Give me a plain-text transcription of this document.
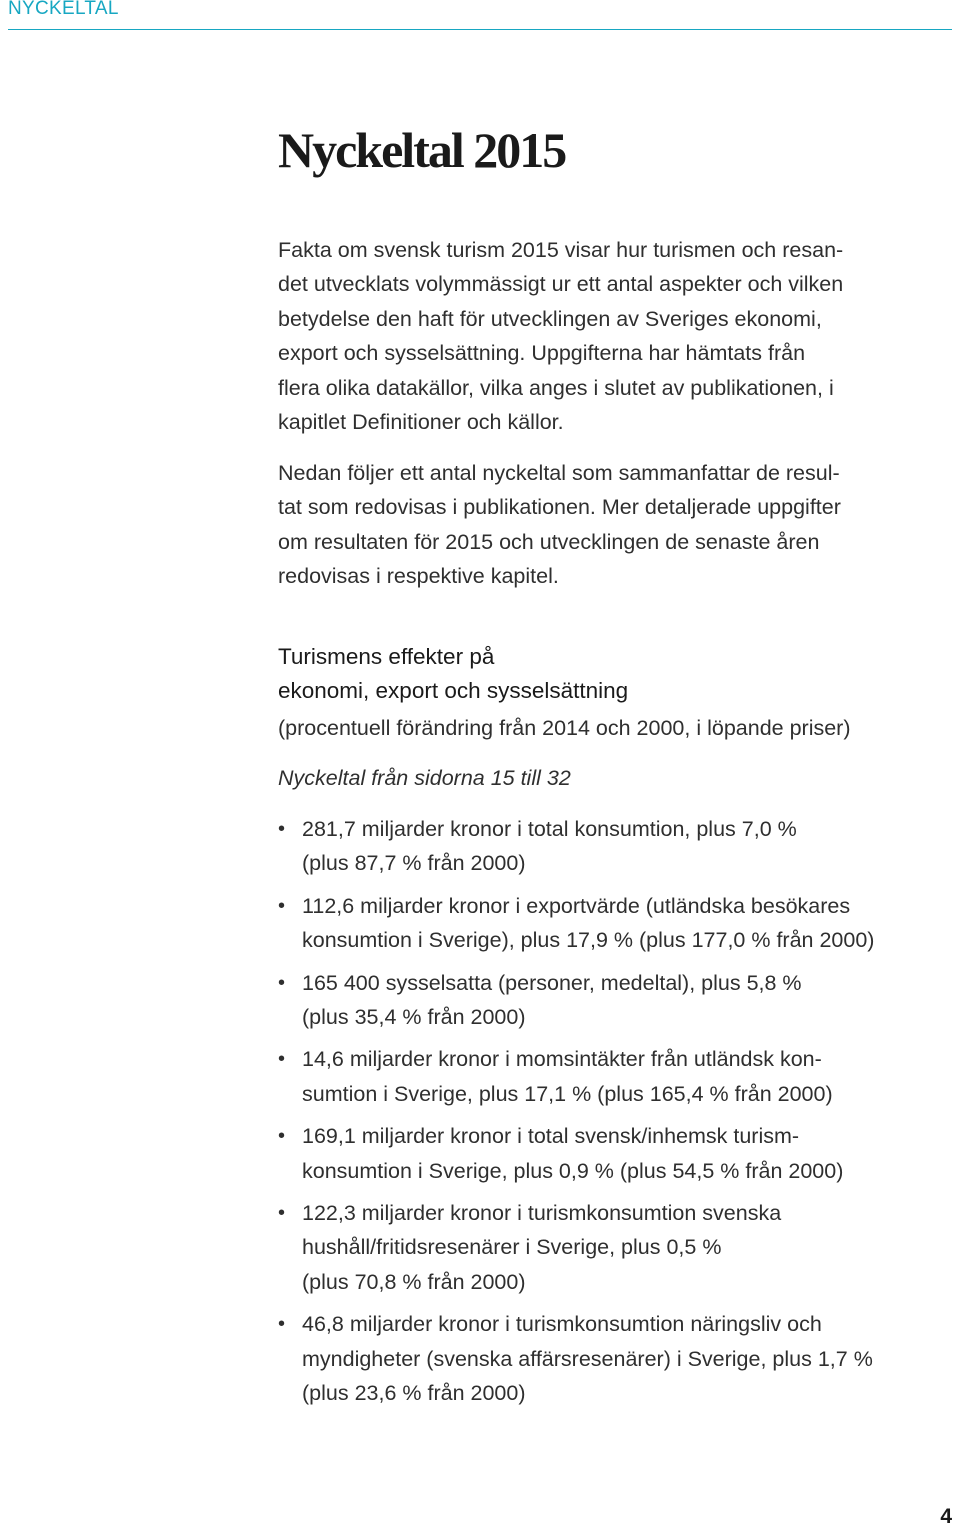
NYCKELTAL
Nyckeltal 2015

Fakta om svensk turism 2015 visar hur turismen och resan-
det utvecklats volymmässigt ur ett antal aspekter och vilken
betydelse den haft för utvecklingen av Sveriges ekonomi,
export och sysselsättning. Uppgifterna har hämtats från
flera olika datakällor, vilka anges i slutet av publikationen, i
kapitlet Definitioner och källor.

Nedan följer ett antal nyckeltal som sammanfattar de resul-
tat som redovisas i publikationen. Mer detaljerade uppgifter
om resultaten för 2015 och utvecklingen de senaste åren
redovisas i respektive kapitel.

Turismens effekter på
ekonomi, export och sysselsättning

(procentuell förändring från 2014 och 2000, i löpande priser)

Nyckeltal från sidorna 15 till 32

• 281,7 miljarder kronor i total konsumtion, plus 7,0 %
(plus 87,7 % från 2000)
• 112,6 miljarder kronor i exportvärde (utländska besökares
konsumtion i Sverige), plus 17,9 % (plus 177,0 % från 2000)
• 165 400 sysselsatta (personer, medeltal), plus 5,8 %
(plus 35,4 % från 2000)
• 14,6 miljarder kronor i momsintäkter från utländsk kon-
sumtion i Sverige, plus 17,1 % (plus 165,4 % från 2000)
• 169,1 miljarder kronor i total svensk/inhemsk turism-
konsumtion i Sverige, plus 0,9 % (plus 54,5 % från 2000)
• 122,3 miljarder kronor i turismkonsumtion svenska
hushåll/fritidsresenärer i Sverige, plus 0,5 %
(plus 70,8 % från 2000)
• 46,8 miljarder kronor i turismkonsumtion näringsliv och
myndigheter (svenska affärsresenärer) i Sverige, plus 1,7 %
(plus 23,6 % från 2000)
4
